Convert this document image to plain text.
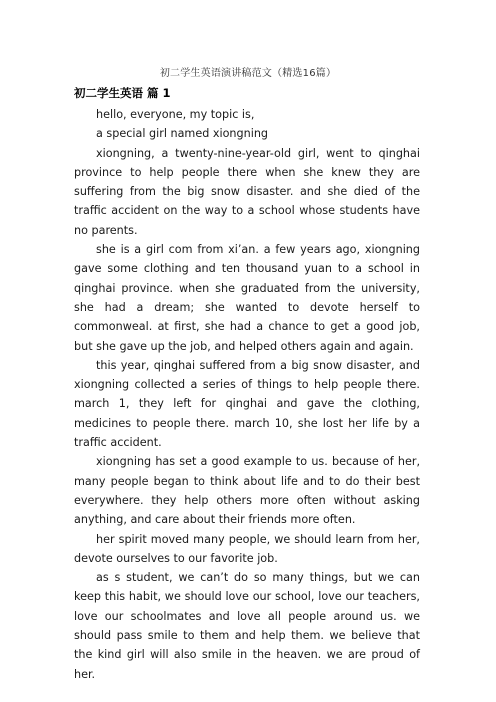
初二学生英语演讲稿范文（精选16篇）
初二学生英语 篇 1

hello, everyone, my topic is,

a special girl named xiongning

xiongning, a twenty-nine-year-old girl, went to qinghai province to help people there when she knew they are suffering from the big snow disaster. and she died of the traffic accident on the way to a school whose students have no parents.

she is a girl com from xi’an. a few years ago, xiongning gave some clothing and ten thousand yuan to a school in qinghai province. when she graduated from the university, she had a dream; she wanted to devote herself to commonweal. at first, she had a chance to get a good job, but she gave up the job, and helped others again and again.

this year, qinghai suffered from a big snow disaster, and xiongning collected a series of things to help people there. march 1, they left for qinghai and gave the clothing, medicines to people there. march 10, she lost her life by a traffic accident.

xiongning has set a good example to us. because of her, many people began to think about life and to do their best everywhere. they help others more often without asking anything, and care about their friends more often.

her spirit moved many people, we should learn from her, devote ourselves to our favorite job.

as s student, we can’t do so many things, but we can keep this habit, we should love our school, love our teachers, love our schoolmates and love all people around us. we should pass smile to them and help them. we believe that the kind girl will also smile in the heaven. we are proud of her.
